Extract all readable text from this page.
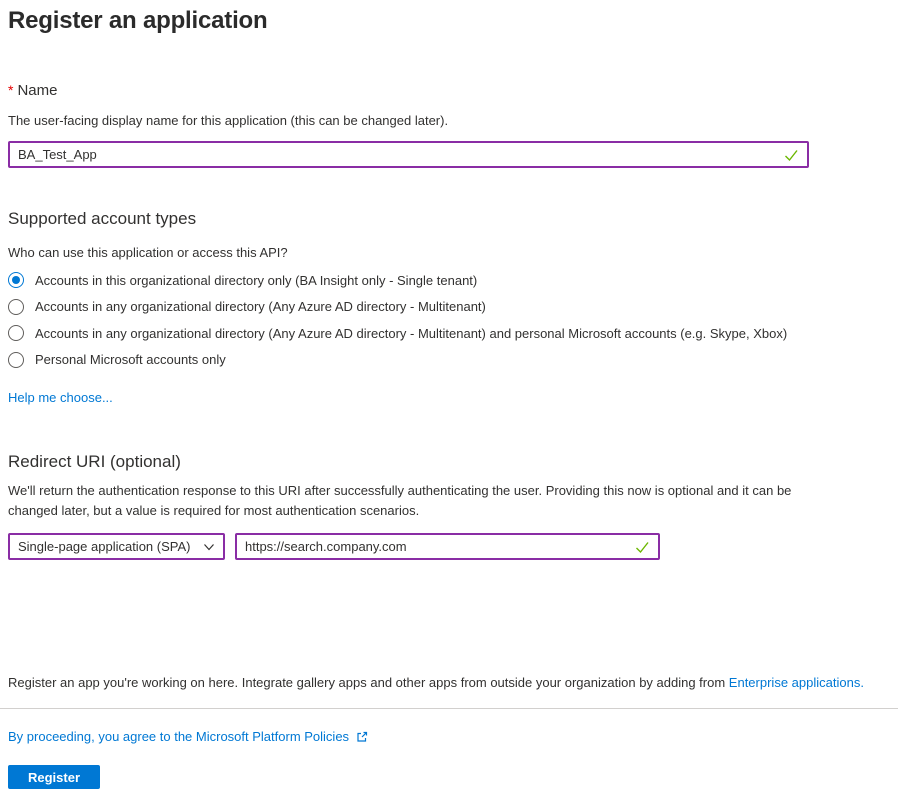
Register an application
* Name
The user-facing display name for this application (this can be changed later).
BA_Test_App
Supported account types
Who can use this application or access this API?
Accounts in this organizational directory only (BA Insight only - Single tenant)
Accounts in any organizational directory (Any Azure AD directory - Multitenant)
Accounts in any organizational directory (Any Azure AD directory - Multitenant) and personal Microsoft accounts (e.g. Skype, Xbox)
Personal Microsoft accounts only
Help me choose...
Redirect URI (optional)
We'll return the authentication response to this URI after successfully authenticating the user. Providing this now is optional and it can be changed later, but a value is required for most authentication scenarios.
Single-page application (SPA)
https://search.company.com
Register an app you're working on here. Integrate gallery apps and other apps from outside your organization by adding from Enterprise applications.
By proceeding, you agree to the Microsoft Platform Policies
Register
